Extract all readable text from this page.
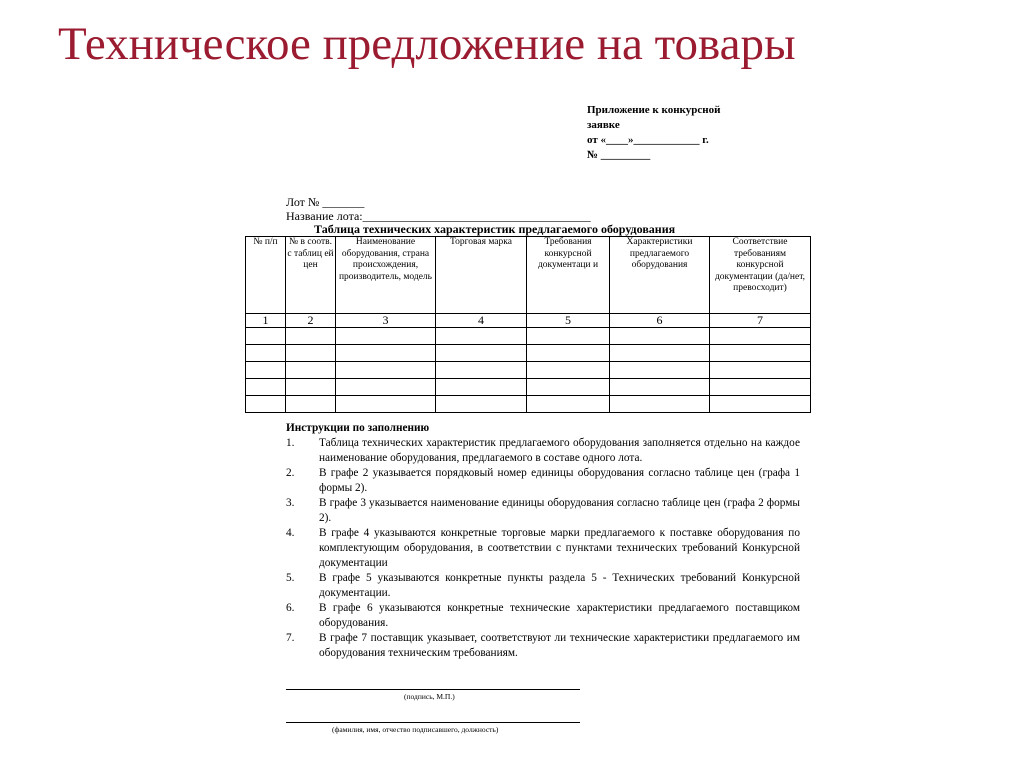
Техническое предложение на товары
Приложение к конкурсной
заявке
от «____»____________ г.
№ _________
Лот № _______
Название лота:______________________________________
Таблица технических характеристик предлагаемого оборудования
№ п/п	№ в соотв. с таблиц ей цен	Наименование оборудования, страна происхождения, производитель, модель	Торговая марка	Требования конкурсной документаци и	Характеристики предлагаемого оборудования	Соответствие требованиям конкурсной документации (да/нет, превосходит)
1	2	3	4	5	6	7

Инструкции по заполнению
1.	Таблица технических характеристик предлагаемого оборудования заполняется отдельно на каждое наименование оборудования, предлагаемого в составе одного лота.
2.	В графе 2 указывается порядковый номер единицы оборудования согласно таблице цен (графа 1 формы 2).
3.	В графе 3 указывается наименование единицы оборудования согласно таблице цен (графа 2 формы 2).
4.	В графе 4 указываются конкретные торговые марки предлагаемого к поставке оборудования по комплектующим оборудования, в соответствии с пунктами технических требований Конкурсной документации
5.	В графе 5 указываются конкретные пункты раздела 5 - Технических требований Конкурсной документации.
6.	В графе 6 указываются конкретные технические характеристики предлагаемого поставщиком оборудования.
7.	В графе 7 поставщик указывает, соответствуют ли технические характеристики предлагаемого им оборудования техническим требованиям.
(подпись, М.П.)
(фамилия, имя, отчество подписавшего, должность)
